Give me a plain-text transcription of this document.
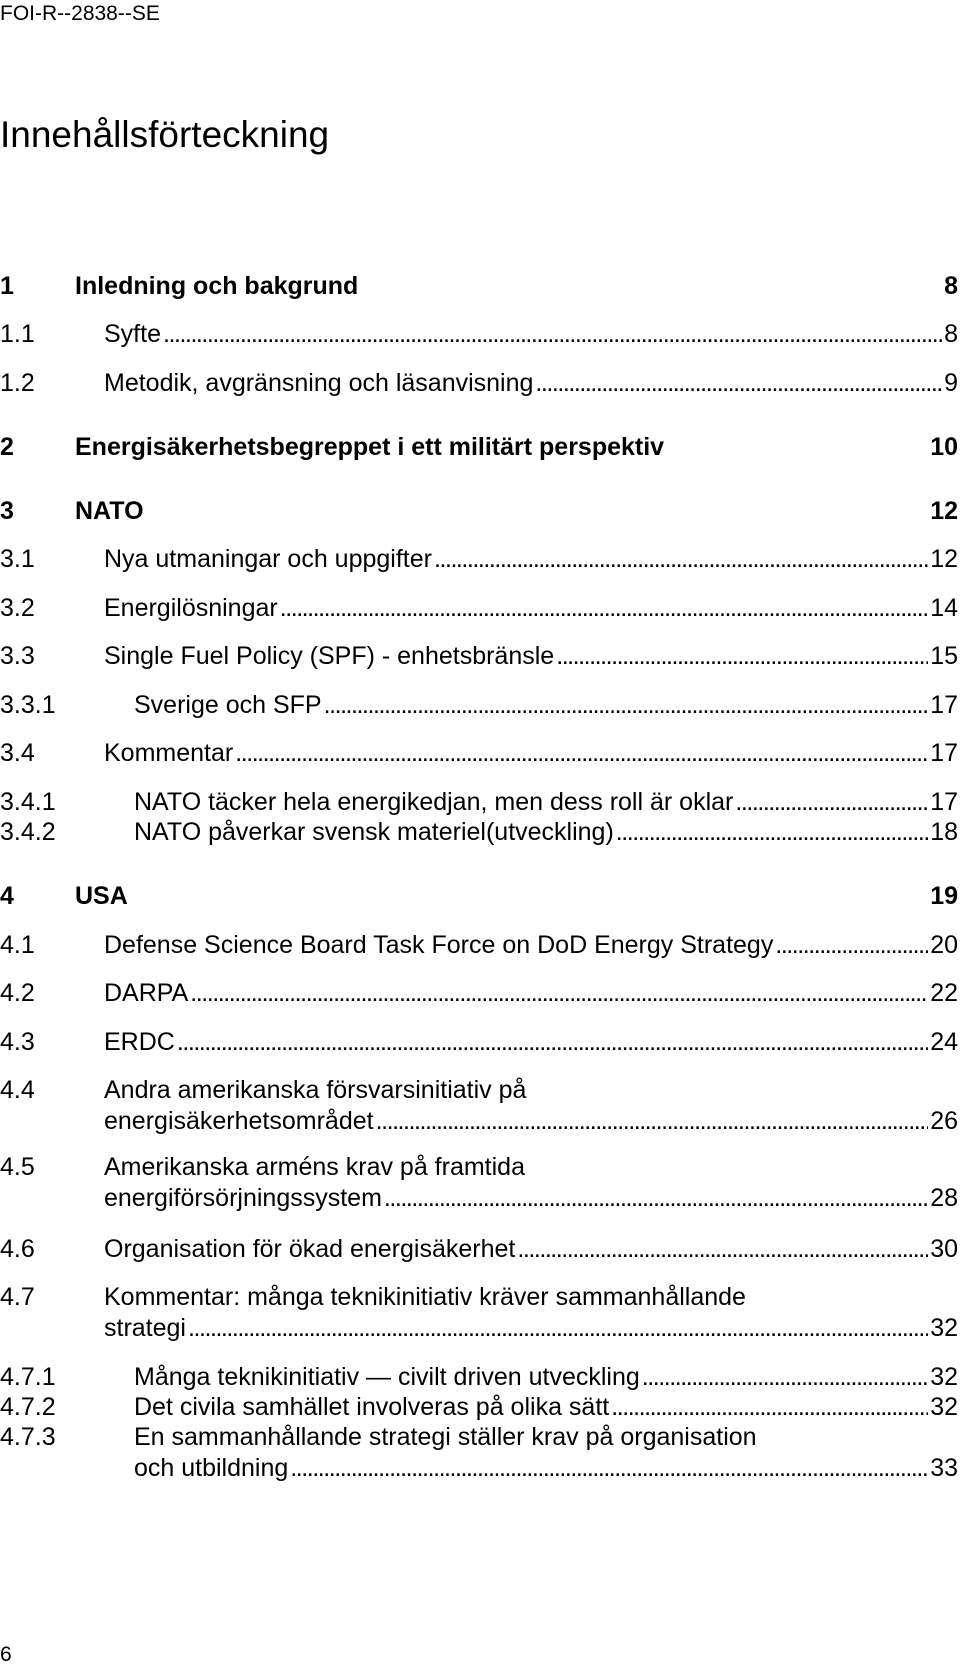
FOI-R--2838--SE
Innehållsförteckning
1 Inledning och bakgrund	8
1.1	Syfte . . .	8
1.2	Metodik, avgränsning och läsanvisning . . .	9
2 Energisäkerhetsbegreppet i ett militärt perspektiv	10
3 NATO	12
3.1	Nya utmaningar och uppgifter . . .	12
3.2	Energilösningar . . .	14
3.3	Single Fuel Policy (SPF) - enhetsbränsle . . .	15
3.3.1	Sverige och SFP . . .	17
3.4	Kommentar . . .	17
3.4.1	NATO täcker hela energikedjan, men dess roll är oklar . . .	17
3.4.2	NATO påverkar svensk materiel(utveckling) . . .	18
4 USA	19
4.1	Defense Science Board Task Force on DoD Energy Strategy . . .	20
4.2	DARPA . . .	22
4.3	ERDC . . .	24
4.4	Andra amerikanska försvarsinitiativ på
energisäkerhetsområdet . . .	26
4.5	Amerikanska arméns krav på framtida
energiförsörjningssystem . . .	28
4.6	Organisation för ökad energisäkerhet . . .	30
4.7	Kommentar: många teknikinitiativ kräver sammanhållande
strategi . . .	32
4.7.1	Många teknikinitiativ — civilt driven utveckling . . .	32
4.7.2	Det civila samhället involveras på olika sätt . . .	32
4.7.3	En sammanhållande strategi ställer krav på organisation
och utbildning . . .	33
6
